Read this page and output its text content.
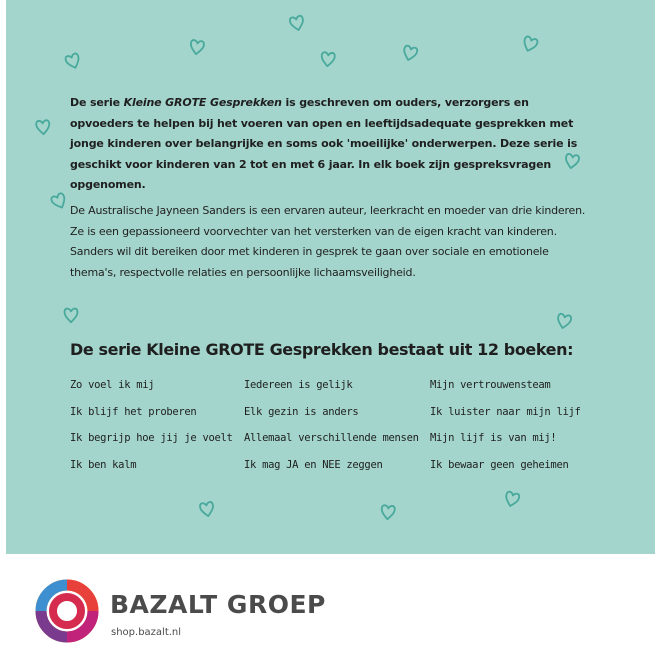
De serie Kleine GROTE Gesprekken is geschreven om ouders, verzorgers en opvoeders te helpen bij het voeren van open en leeftijdsadequate gesprekken met jonge kinderen over belangrijke en soms ook 'moeilijke' onderwerpen. Deze serie is geschikt voor kinderen van 2 tot en met 6 jaar. In elk boek zijn gespreksvragen opgenomen.

De Australische Jayneen Sanders is een ervaren auteur, leerkracht en moeder van drie kinderen. Ze is een gepassioneerd voorvechter van het versterken van de eigen kracht van kinderen. Sanders wil dit bereiken door met kinderen in gesprek te gaan over sociale en emotionele thema's, respectvolle relaties en persoonlijke lichaamsveiligheid.

De serie Kleine GROTE Gesprekken bestaat uit 12 boeken:
Zo voel ik mij	Iedereen is gelijk	Mijn vertrouwensteam
Ik blijf het proberen	Elk gezin is anders	Ik luister naar mijn lijf
Ik begrijp hoe jij je voelt	Allemaal verschillende mensen	Mijn lijf is van mij!
Ik ben kalm	Ik mag JA en NEE zeggen	Ik bewaar geen geheimen
BAZALT GROEP
shop.bazalt.nl
